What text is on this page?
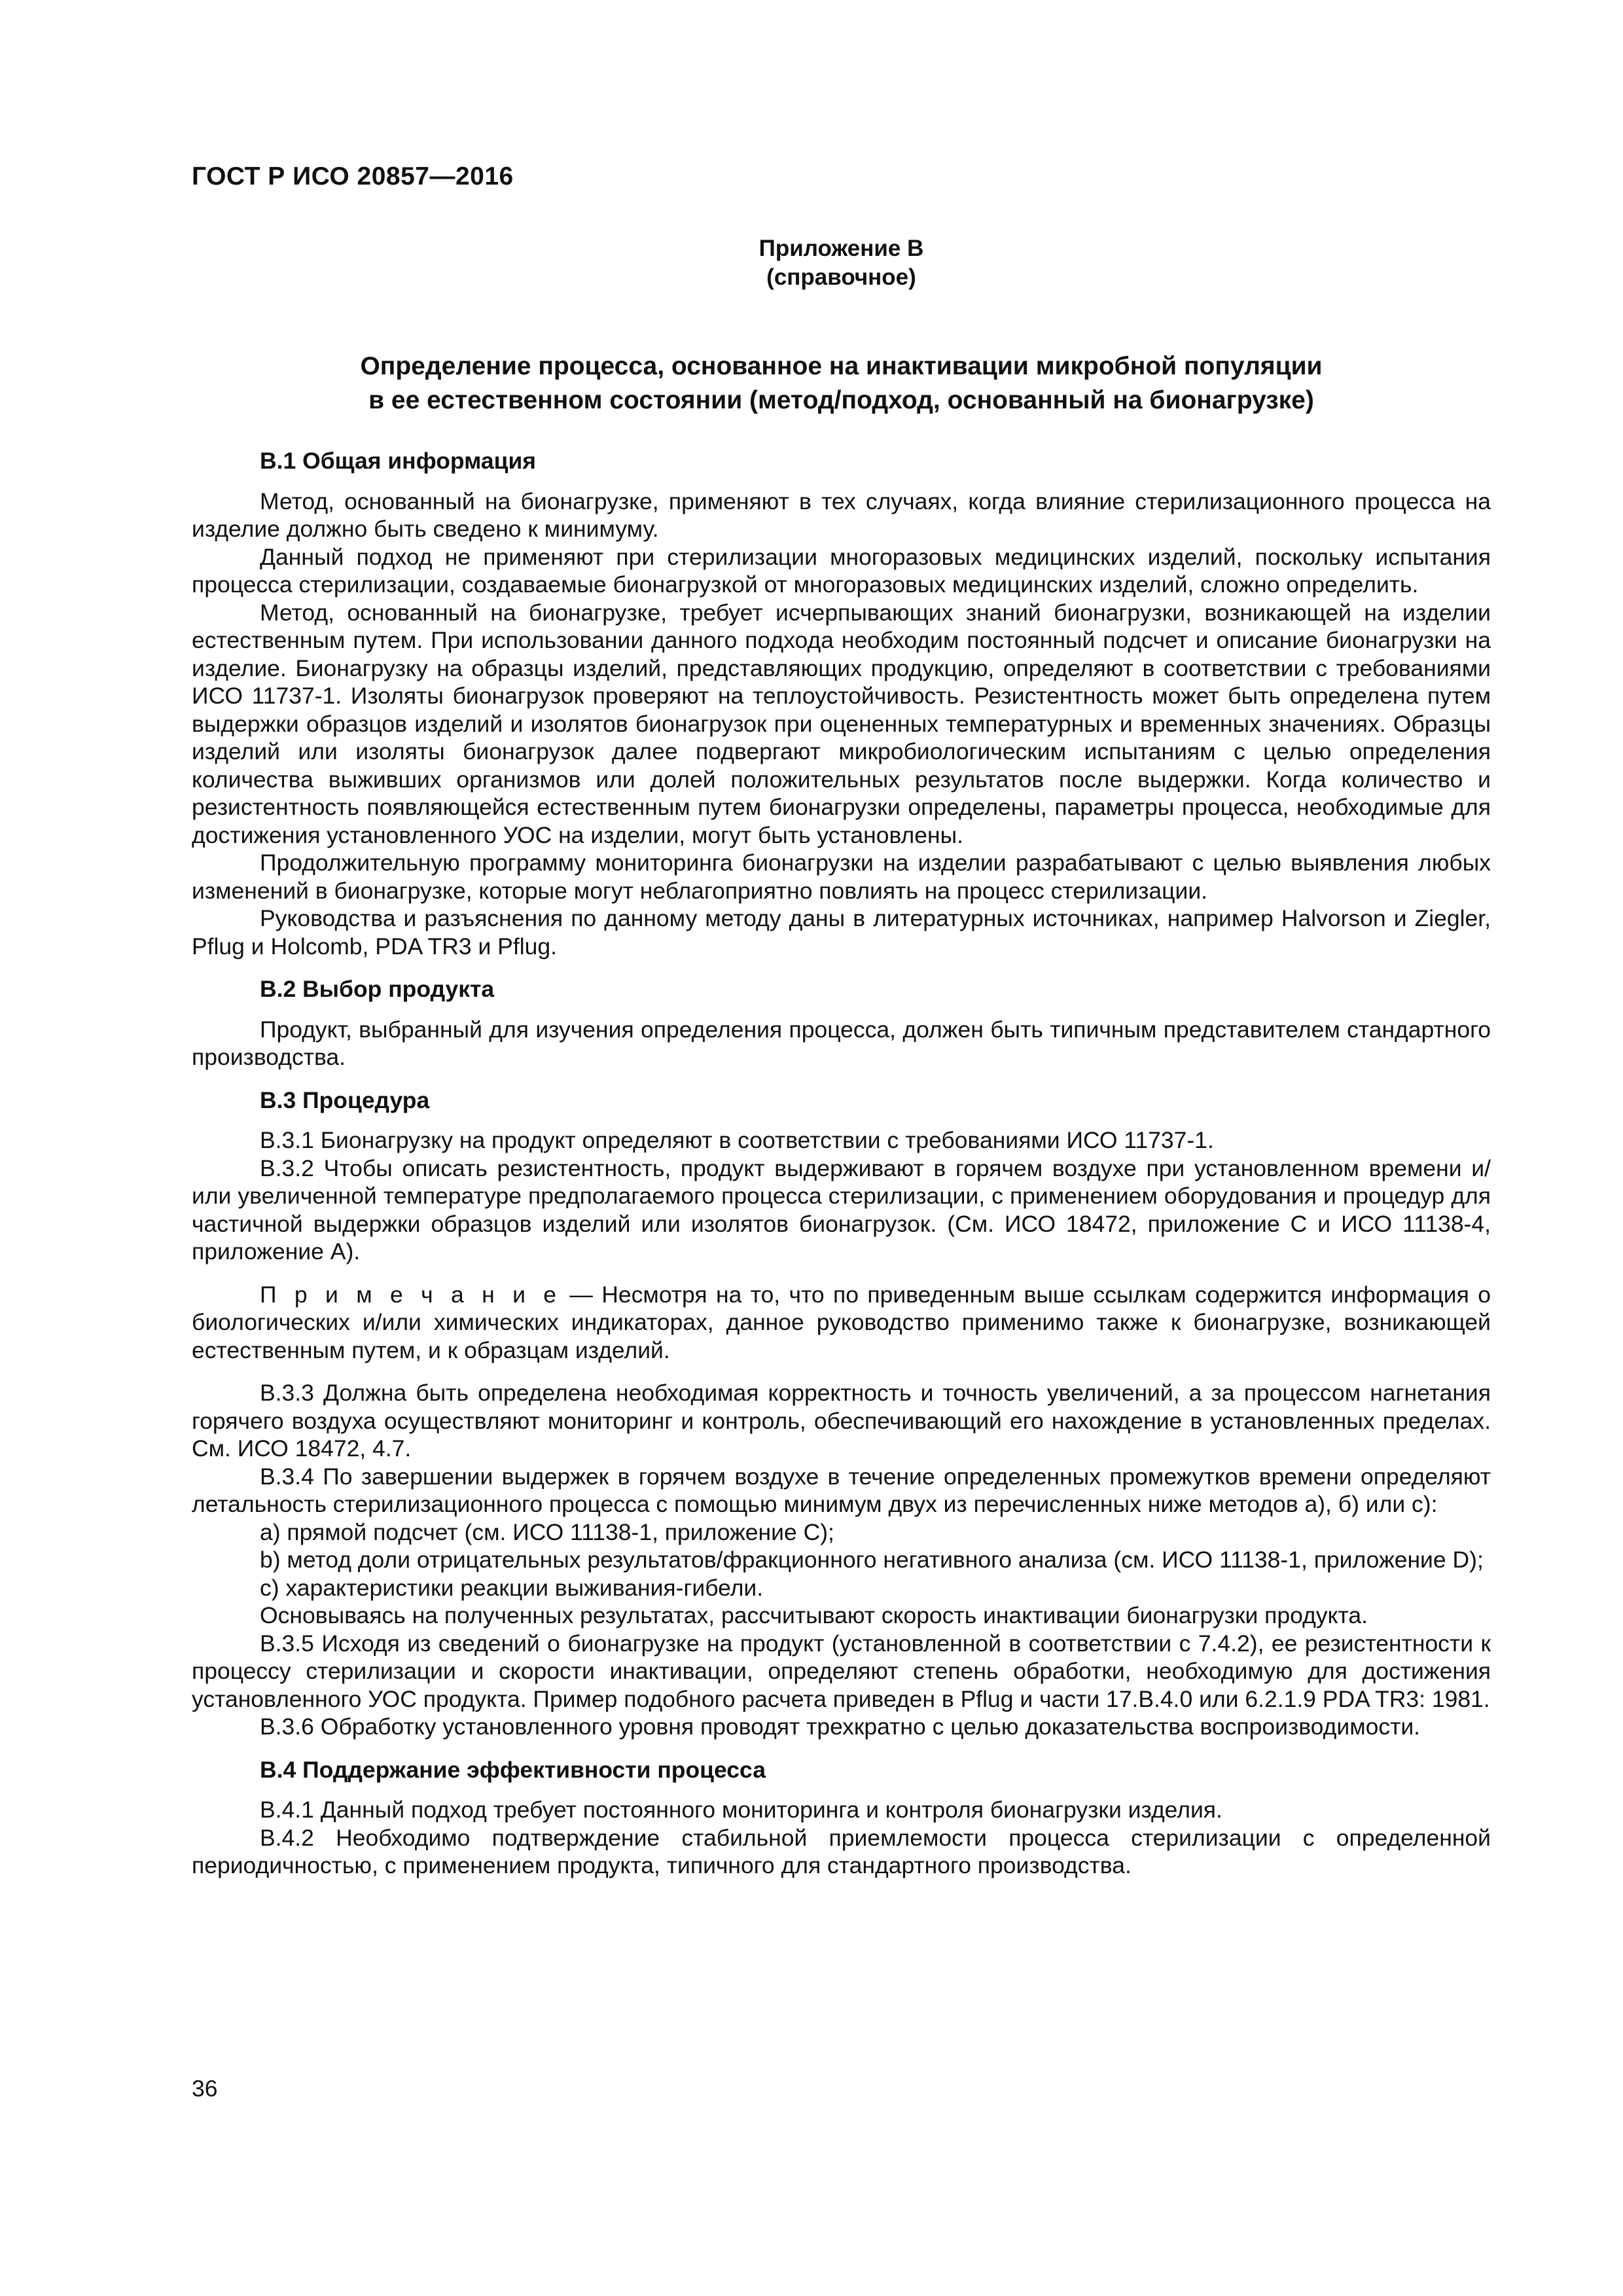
ГОСТ Р ИСО 20857—2016
Приложение В
(справочное)
Определение процесса, основанное на инактивации микробной популяции
в ее естественном состоянии (метод/подход, основанный на бионагрузке)
В.1 Общая информация

Метод, основанный на бионагрузке, применяют в тех случаях, когда влияние стерилизационного процесса на изделие должно быть сведено к минимуму.

Данный подход не применяют при стерилизации многоразовых медицинских изделий, поскольку испытания процесса стерилизации, создаваемые бионагрузкой от многоразовых медицинских изделий, сложно определить.

Метод, основанный на бионагрузке, требует исчерпывающих знаний бионагрузки, возникающей на изделии естественным путем. При использовании данного подхода необходим постоянный подсчет и описание бионагрузки на изделие. Бионагрузку на образцы изделий, представляющих продукцию, определяют в соответствии с требованиями ИСО 11737-1. Изоляты бионагрузок проверяют на теплоустойчивость. Резистентность может быть определена путем выдержки образцов изделий и изолятов бионагрузок при оцененных температурных и временных значениях. Образцы изделий или изоляты бионагрузок далее подвергают микробиологическим испытаниям с целью определения количества выживших организмов или долей положительных результатов после выдержки. Когда количество и резистентность появляющейся естественным путем бионагрузки определены, параметры процесса, необходимые для достижения установленного УОС на изделии, могут быть установлены.

Продолжительную программу мониторинга бионагрузки на изделии разрабатывают с целью выявления любых изменений в бионагрузке, которые могут неблагоприятно повлиять на процесс стерилизации.

Руководства и разъяснения по данному методу даны в литературных источниках, например Halvorson и Ziegler, Pflug и Holcomb, PDA TR3 и Pflug.

В.2 Выбор продукта

Продукт, выбранный для изучения определения процесса, должен быть типичным представителем стандартного производства.

В.3 Процедура

В.3.1 Бионагрузку на продукт определяют в соответствии с требованиями ИСО 11737-1.

В.3.2 Чтобы описать резистентность, продукт выдерживают в горячем воздухе при установленном времени и/или увеличенной температуре предполагаемого процесса стерилизации, с применением оборудования и процедур для частичной выдержки образцов изделий или изолятов бионагрузок. (См. ИСО 18472, приложение С и ИСО 11138-4, приложение А).

П р и м е ч а н и е — Несмотря на то, что по приведенным выше ссылкам содержится информация о биологических и/или химических индикаторах, данное руководство применимо также к бионагрузке, возникающей естественным путем, и к образцам изделий.

В.3.3 Должна быть определена необходимая корректность и точность увеличений, а за процессом нагнетания горячего воздуха осуществляют мониторинг и контроль, обеспечивающий его нахождение в установленных пределах. См. ИСО 18472, 4.7.

В.3.4 По завершении выдержек в горячем воздухе в течение определенных промежутков времени определяют летальность стерилизационного процесса с помощью минимум двух из перечисленных ниже методов а), б) или с):

a) прямой подсчет (см. ИСО 11138-1, приложение С);

b) метод доли отрицательных результатов/фракционного негативного анализа (см. ИСО 11138-1, приложение D);

c) характеристики реакции выживания-гибели.

Основываясь на полученных результатах, рассчитывают скорость инактивации бионагрузки продукта.

В.3.5 Исходя из сведений о бионагрузке на продукт (установленной в соответствии с 7.4.2), ее резистентности к процессу стерилизации и скорости инактивации, определяют степень обработки, необходимую для достижения установленного УОС продукта. Пример подобного расчета приведен в Pflug и части 17.В.4.0 или 6.2.1.9 PDA TR3: 1981.

В.3.6 Обработку установленного уровня проводят трехкратно с целью доказательства воспроизводимости.

В.4 Поддержание эффективности процесса

В.4.1 Данный подход требует постоянного мониторинга и контроля бионагрузки изделия.

В.4.2 Необходимо подтверждение стабильной приемлемости процесса стерилизации с определенной периодичностью, с применением продукта, типичного для стандартного производства.

36
